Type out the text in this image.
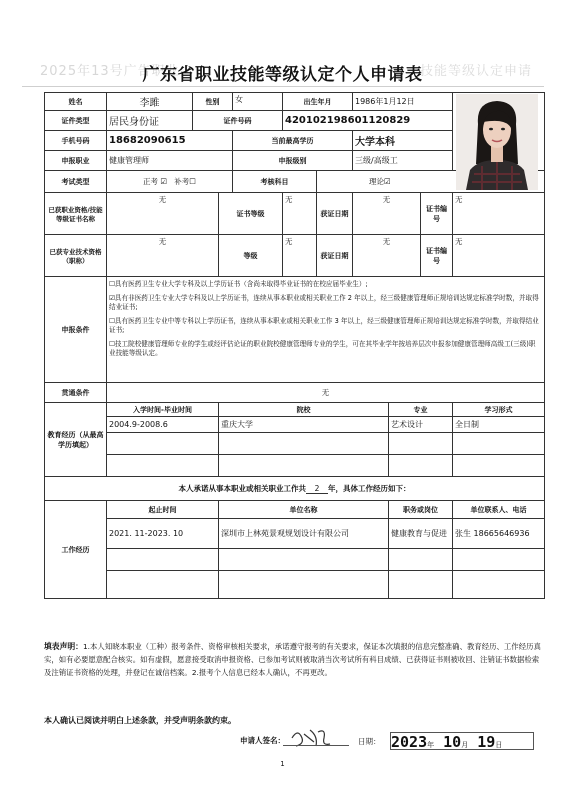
2025年13号广告职业	技能等级认定申请
广东省职业技能等级认定个人申请表
姓名	李雎	性别		女	出生年月		1986年1月12日			
证件类型	居民身份证	证件号码			420102198601120829					
手机号码	18682090615			当前最高学历			大学本科			
申报职业	健康管理师			申报级别			三级/高级工			
考试类型	正考 ☑ 补考☐			考核科目		理论☑				
已获职业资格/技能等级证书名称	无		证书等级		无	获证日期	无		证书编号	无
已获专业技术资格（职称）	无		等级		无	获证日期	无		证书编号	无
申报条件	☐具有医药卫生专业大学专科及以上学历证书（含尚未取得毕业证书的在校应届毕业生）;

☑具有非医药卫生专业大学专科及以上学历证书，连续从事本职业或相关职业工作 2 年以上，经三级健康管理师正规培训达规定标准学时数，并取得结业证书;

☐具有医药卫生专业中等专科以上学历证书，连续从事本职业或相关职业工作 3 年以上，经三级健康管理师正规培训达规定标准学时数，并取得结业证书;

☐技工院校健康管理师专业的学生或经评估论证的职业院校健康管理师专业的学生，可在其毕业学年按培养层次申报参加健康管理师高级工(三级)职业技能等级认定。									

贯通条件	无									
教育经历（从最高学历填起）	入学时间-毕业时间		院校					专业		学习形式
	2004.9-2008.6		重庆大学					艺术设计		全日制

本人承诺从事本职业或相关职业工作共 2 年，具体工作经历如下：										
工作经历	起止时间		单位名称					职务或岗位		单位联系人、电话
	2021. 11-2023. 10		深圳市上林苑景观规划设计有限公司					健康教育与促进		张生 18665646936

填表声明：1.本人知晓本职业（工种）报考条件、资格审核相关要求，承诺遵守报考的有关要求，保证本次填报的信息完整准确、教育经历、工作经历真实，如有必要愿意配合核实。如有虚假，愿意接受取消申报资格、已参加考试则被取消当次考试所有科目成绩、已获得证书则被收回、注销证书数据检索及注销证书资格的处理，并登记在诚信档案。2.报考个人信息已经本人确认，不再更改。
本人确认已阅读并明白上述条款，并受声明条款约束。
申请人签名：	日期： 2023年 10月 19日
1
